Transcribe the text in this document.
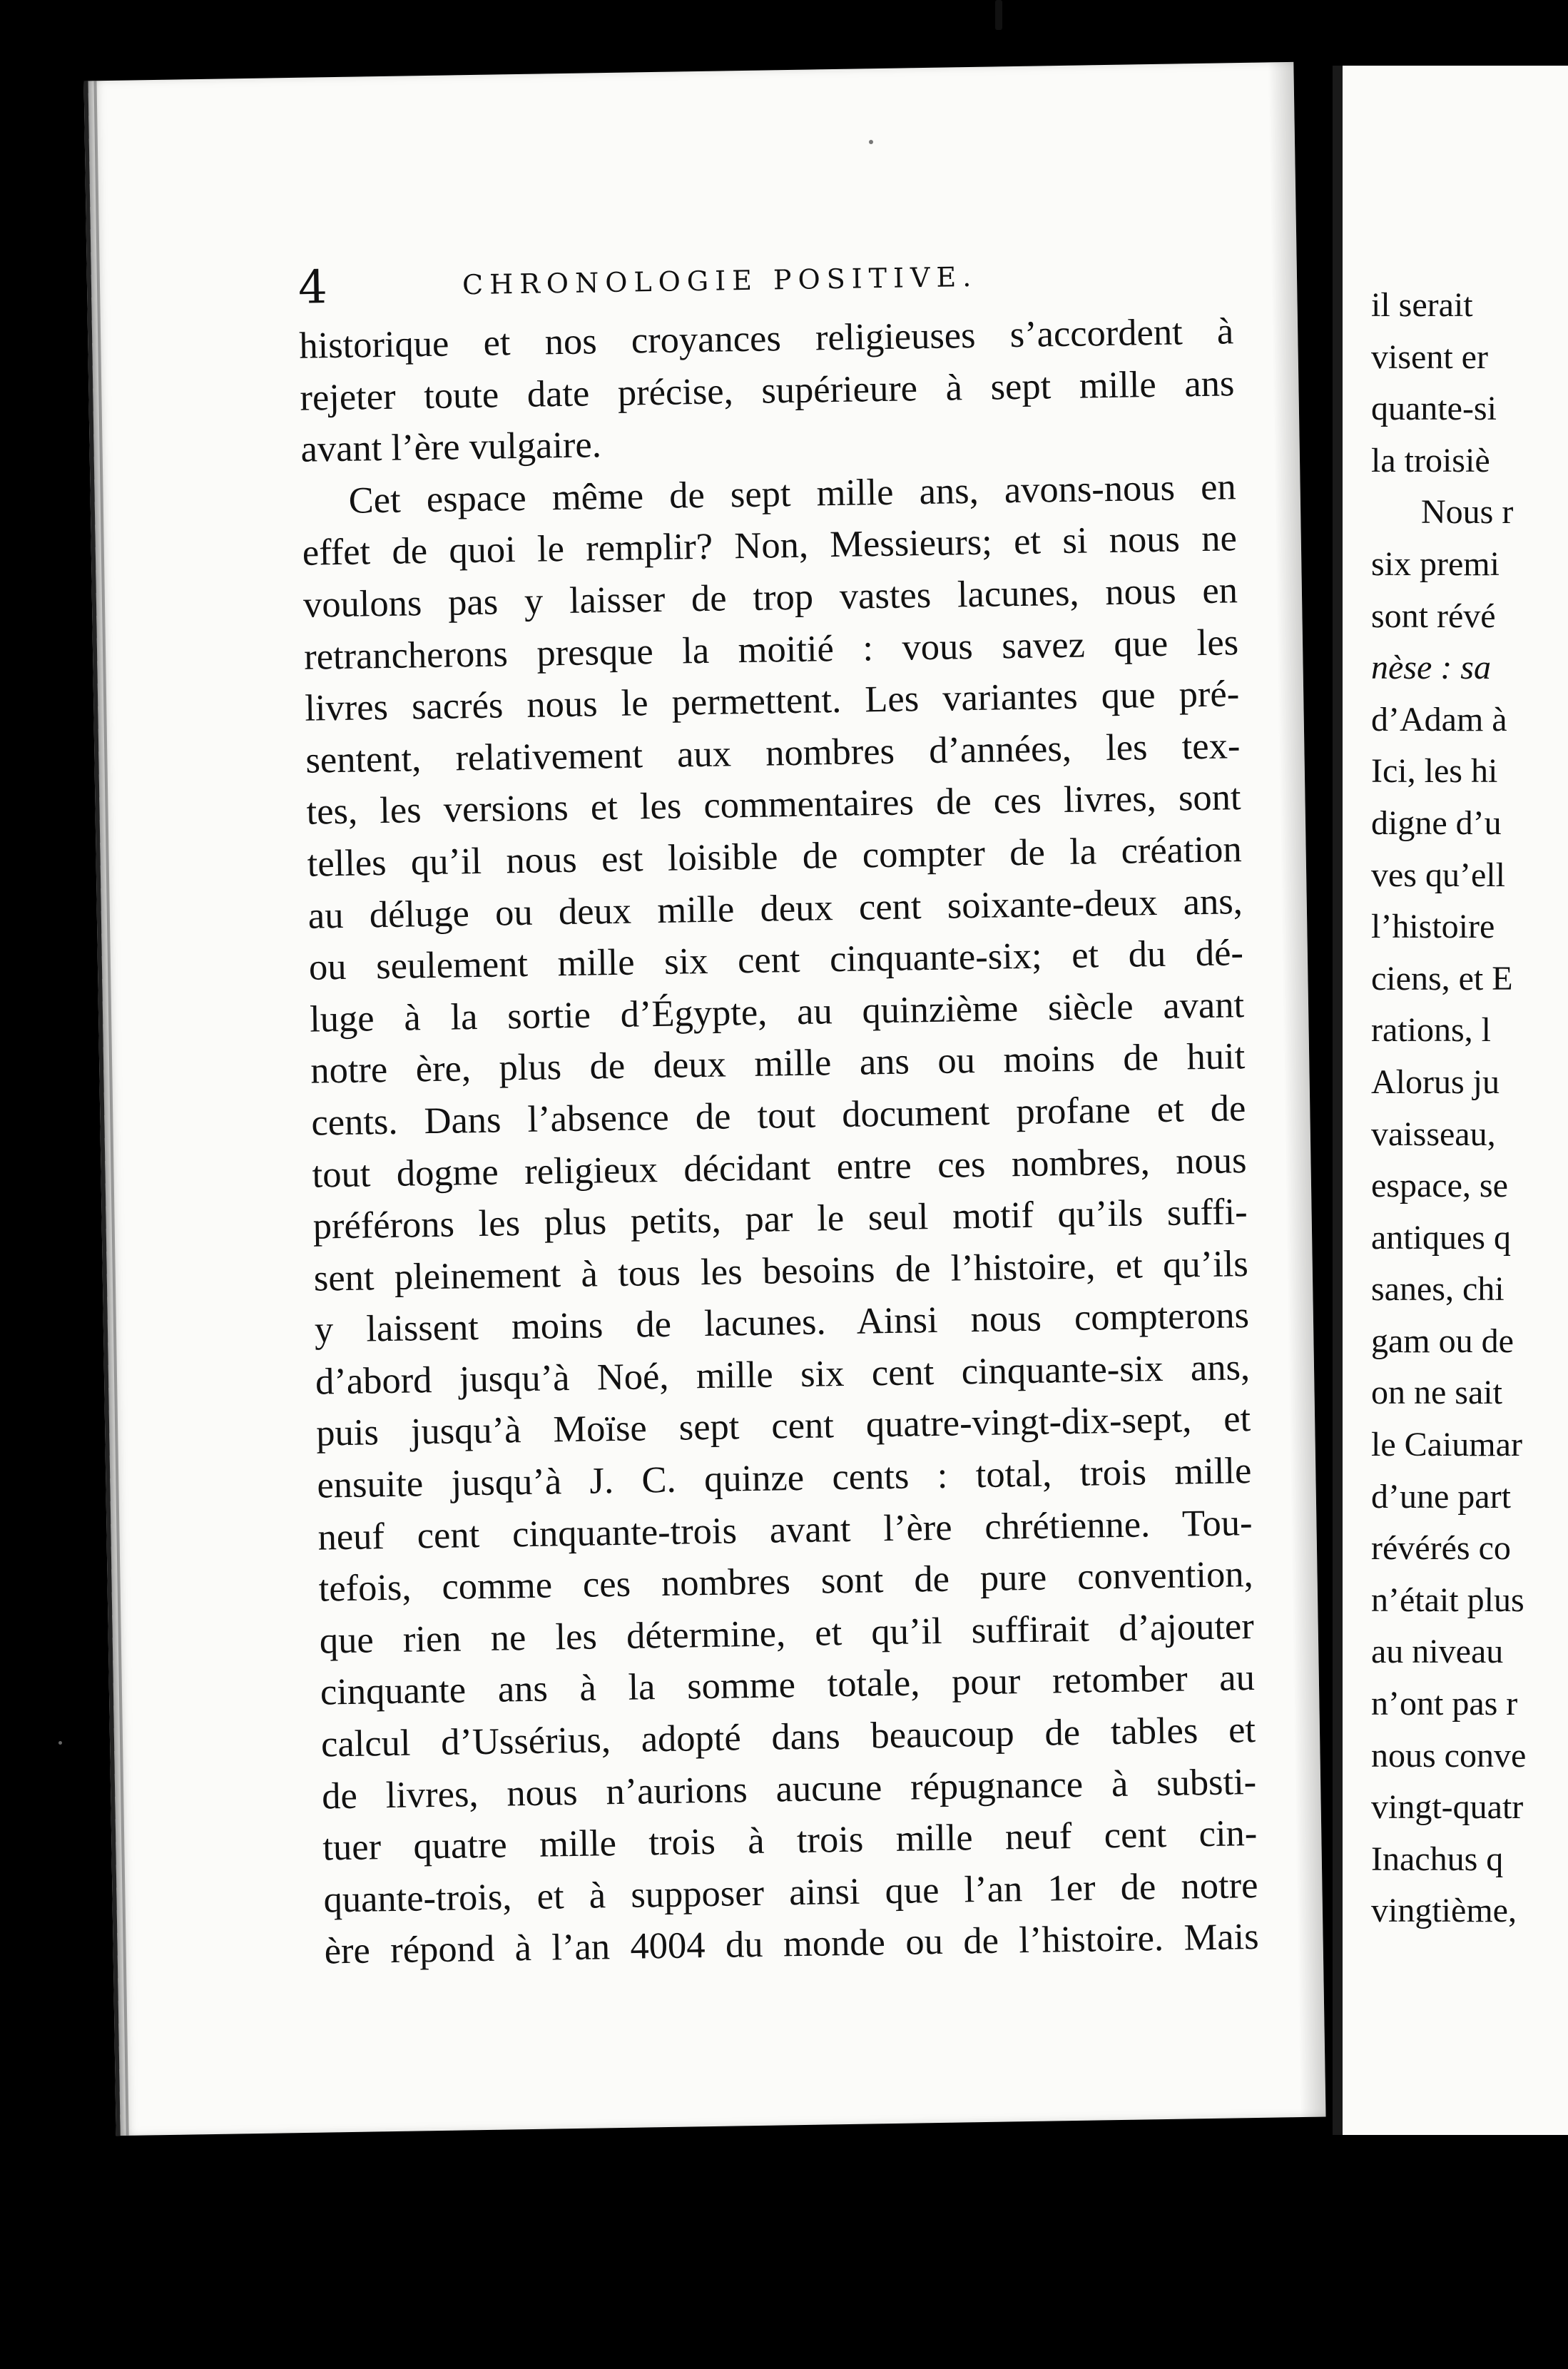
4	CHRONOLOGIE POSITIVE.
historique et nos croyances religieuses s’accordent à
rejeter toute date précise, supérieure à sept mille ans
avant l’ère vulgaire.
Cet espace même de sept mille ans, avons-nous en
effet de quoi le remplir? Non, Messieurs; et si nous ne
voulons pas y laisser de trop vastes lacunes, nous en
retrancherons presque la moitié : vous savez que les
livres sacrés nous le permettent. Les variantes que pré-
sentent, relativement aux nombres d’années, les tex-
tes, les versions et les commentaires de ces livres, sont
telles qu’il nous est loisible de compter de la création
au déluge ou deux mille deux cent soixante-deux ans,
ou seulement mille six cent cinquante-six; et du dé-
luge à la sortie d’Égypte, au quinzième siècle avant
notre ère, plus de deux mille ans ou moins de huit
cents. Dans l’absence de tout document profane et de
tout dogme religieux décidant entre ces nombres, nous
préférons les plus petits, par le seul motif qu’ils suffi-
sent pleinement à tous les besoins de l’histoire, et qu’ils
y laissent moins de lacunes. Ainsi nous compterons
d’abord jusqu’à Noé, mille six cent cinquante-six ans,
puis jusqu’à Moïse sept cent quatre-vingt-dix-sept, et
ensuite jusqu’à J. C. quinze cents : total, trois mille
neuf cent cinquante-trois avant l’ère chrétienne. Tou-
tefois, comme ces nombres sont de pure convention,
que rien ne les détermine, et qu’il suffirait d’ajouter
cinquante ans à la somme totale, pour retomber au
calcul d’Ussérius, adopté dans beaucoup de tables et
de livres, nous n’aurions aucune répugnance à substi-
tuer quatre mille trois à trois mille neuf cent cin-
quante-trois, et à supposer ainsi que l’an 1er de notre
ère répond à l’an 4004 du monde ou de l’histoire. Mais
il serait
visent er
quante-si
la troisiè
Nous r
six premi
sont révé
nèse : sa
d’Adam à
Ici, les hi
digne d’u
ves qu’ell
l’histoire
ciens, et E
rations, l
Alorus ju
vaisseau,
espace, se
antiques q
sanes, chi
gam ou de
on ne sait
le Caiumar
d’une part
révérés co
n’était plus
au niveau
n’ont pas r
nous conve
vingt-quatr
Inachus q
vingtième,
